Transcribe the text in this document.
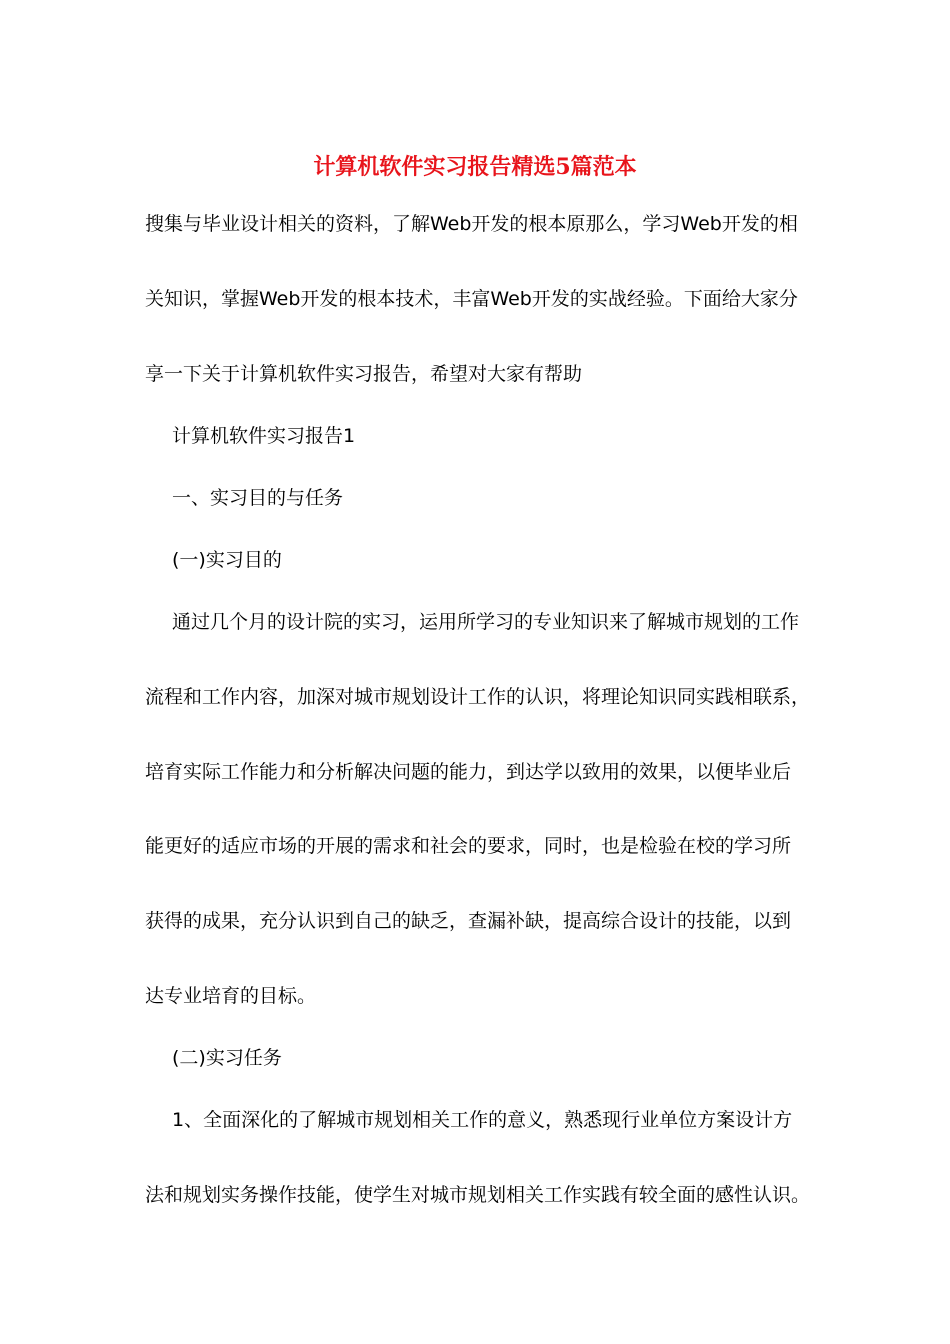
计算机软件实习报告精选5篇范本

搜集与毕业设计相关的资料，了解Web开发的根本原那么，学习Web开发的相

关知识，掌握Web开发的根本技术，丰富Web开发的实战经验。下面给大家分

享一下关于计算机软件实习报告，希望对大家有帮助

计算机软件实习报告1

一、实习目的与任务

(一)实习目的

通过几个月的设计院的实习，运用所学习的专业知识来了解城市规划的工作

流程和工作内容，加深对城市规划设计工作的认识，将理论知识同实践相联系，

培育实际工作能力和分析解决问题的能力，到达学以致用的效果，以便毕业后

能更好的适应市场的开展的需求和社会的要求，同时，也是检验在校的学习所

获得的成果，充分认识到自己的缺乏，查漏补缺，提高综合设计的技能，以到

达专业培育的目标。

(二)实习任务

1、全面深化的了解城市规划相关工作的意义，熟悉现行业单位方案设计方

法和规划实务操作技能，使学生对城市规划相关工作实践有较全面的感性认识。
